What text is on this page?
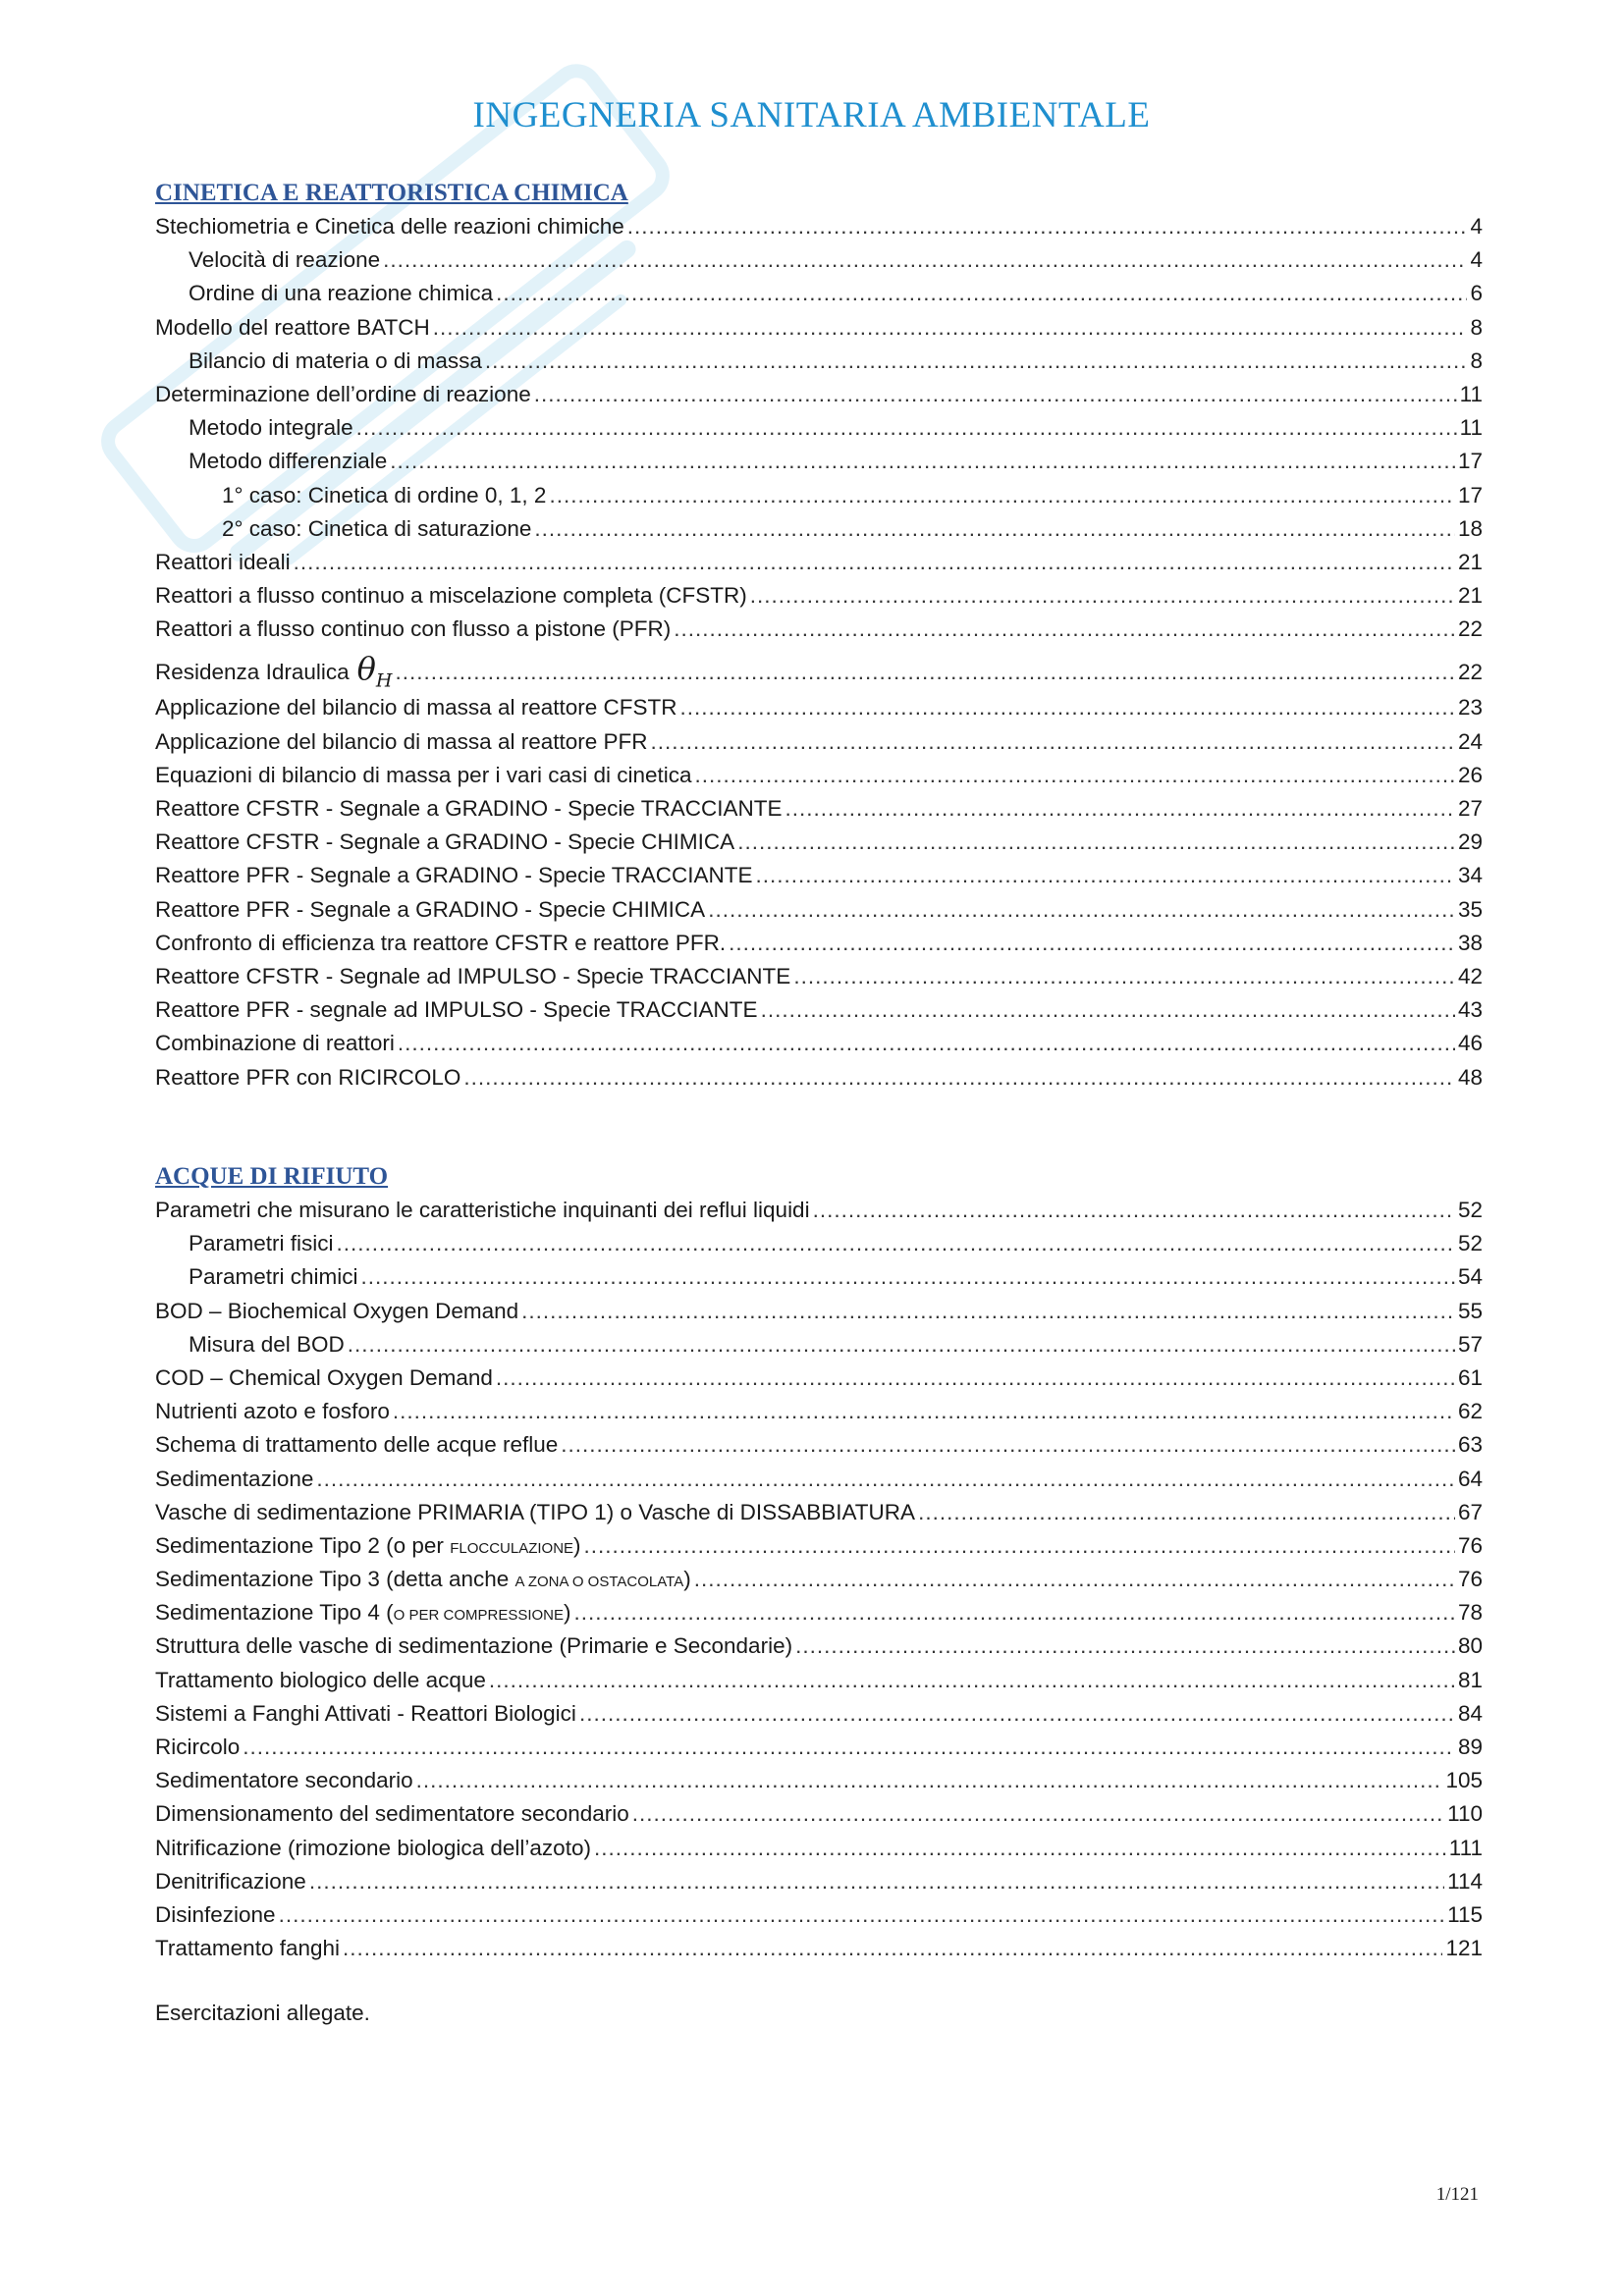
INGEGNERIA SANITARIA AMBIENTALE
CINETICA E REATTORISTICA CHIMICA
Stechiometria e Cinetica delle reazioni chimiche .....	4
Velocità di reazione .....	4
Ordine di una reazione chimica .....	6
Modello del reattore BATCH .....	8
Bilancio di materia o di massa .....	8
Determinazione dell’ordine di reazione .....	11
Metodo integrale .....	11
Metodo differenziale .....	17
1° caso: Cinetica di ordine 0, 1, 2 .....	17
2° caso: Cinetica di saturazione .....	18
Reattori ideali .....	21
Reattori a flusso continuo a miscelazione completa (CFSTR) .....	21
Reattori a flusso continuo con flusso a pistone (PFR) .....	22
Residenza Idraulica $\theta_H$ .....	22
Applicazione del bilancio di massa al reattore CFSTR .....	23
Applicazione del bilancio di massa al reattore PFR .....	24
Equazioni di bilancio di massa per i vari casi di cinetica .....	26
Reattore CFSTR - Segnale a GRADINO - Specie TRACCIANTE .....	27
Reattore CFSTR - Segnale a GRADINO - Specie CHIMICA .....	29
Reattore PFR - Segnale a GRADINO - Specie TRACCIANTE .....	34
Reattore PFR - Segnale a GRADINO - Specie CHIMICA .....	35
Confronto di efficienza tra reattore CFSTR e reattore PFR. .....	38
Reattore CFSTR - Segnale ad IMPULSO - Specie TRACCIANTE .....	42
Reattore PFR - segnale ad IMPULSO - Specie TRACCIANTE .....	43
Combinazione di reattori .....	46
Reattore PFR con RICIRCOLO .....	48
ACQUE DI RIFIUTO
Parametri che misurano le caratteristiche inquinanti dei reflui liquidi .....	52
Parametri fisici .....	52
Parametri chimici .....	54
BOD – Biochemical Oxygen Demand .....	55
Misura del BOD .....	57
COD – Chemical Oxygen Demand .....	61
Nutrienti azoto e fosforo .....	62
Schema di trattamento delle acque reflue .....	63
Sedimentazione .....	64
Vasche di sedimentazione PRIMARIA (TIPO 1) o Vasche di DISSABBIATURA .....	67
Sedimentazione Tipo 2 (o per FLOCCULAZIONE) .....	76
Sedimentazione Tipo 3 (detta anche A ZONA O OSTACOLATA) .....	76
Sedimentazione Tipo 4 (O PER COMPRESSIONE) .....	78
Struttura delle vasche di sedimentazione (Primarie e Secondarie) .....	80
Trattamento biologico delle acque .....	81
Sistemi a Fanghi Attivati - Reattori Biologici .....	84
Ricircolo .....	89
Sedimentatore secondario .....	105
Dimensionamento del sedimentatore secondario .....	110
Nitrificazione (rimozione biologica dell’azoto) .....	111
Denitrificazione .....	114
Disinfezione .....	115
Trattamento fanghi .....	121
Esercitazioni allegate.
1/121
